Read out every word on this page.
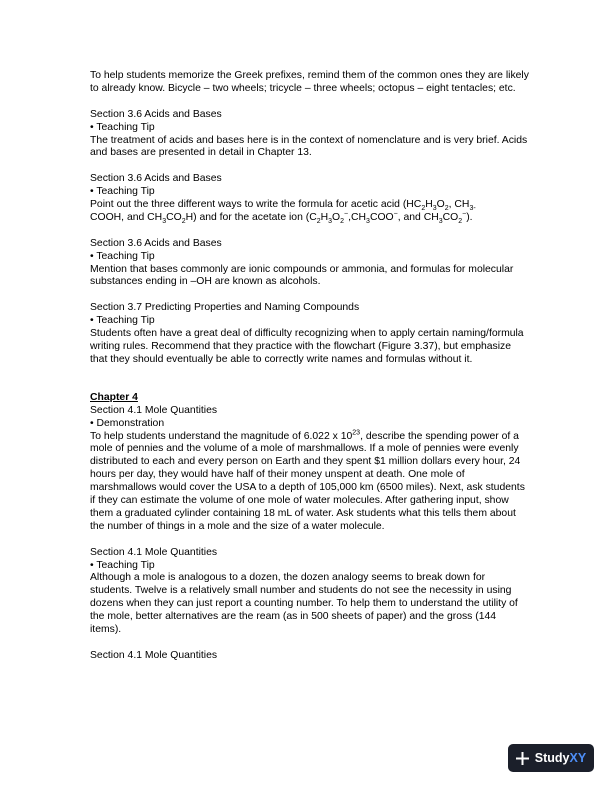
To help students memorize the Greek prefixes, remind them of the common ones they are likely to already know. Bicycle – two wheels; tricycle – three wheels; octopus – eight tentacles; etc.

Section 3.6 Acids and Bases

• Teaching Tip

The treatment of acids and bases here is in the context of nomenclature and is very brief. Acids and bases are presented in detail in Chapter 13.

Section 3.6 Acids and Bases

• Teaching Tip

Point out the three different ways to write the formula for acetic acid ($HC_2H_3O_2$, $CH_{3-}$
COOH, and $CH_3CO_2H$) and for the acetate ion ($C_2H_3O_2^-,CH_3COO^-$, and $CH_3CO_2^-$).

Section 3.6 Acids and Bases

• Teaching Tip

Mention that bases commonly are ionic compounds or ammonia, and formulas for molecular substances ending in –OH are known as alcohols.

Section 3.7 Predicting Properties and Naming Compounds

• Teaching Tip

Students often have a great deal of difficulty recognizing when to apply certain naming/formula writing rules. Recommend that they practice with the flowchart (Figure 3.37), but emphasize that they should eventually be able to correctly write names and formulas without it.

Chapter 4

Section 4.1 Mole Quantities

• Demonstration

To help students understand the magnitude of 6.022 x $10^{23}$, describe the spending power of a mole of pennies and the volume of a mole of marshmallows. If a mole of pennies were evenly distributed to each and every person on Earth and they spent $1 million dollars every hour, 24 hours per day, they would have half of their money unspent at death. One mole of marshmallows would cover the USA to a depth of 105,000 km (6500 miles). Next, ask students if they can estimate the volume of one mole of water molecules. After gathering input, show them a graduated cylinder containing 18 mL of water. Ask students what this tells them about the number of things in a mole and the size of a water molecule.

Section 4.1 Mole Quantities

• Teaching Tip

Although a mole is analogous to a dozen, the dozen analogy seems to break down for students. Twelve is a relatively small number and students do not see the necessity in using dozens when they can just report a counting number. To help them to understand the utility of the mole, better alternatives are the ream (as in 500 sheets of paper) and the gross (144 items).

Section 4.1 Mole Quantities

StudyXY
